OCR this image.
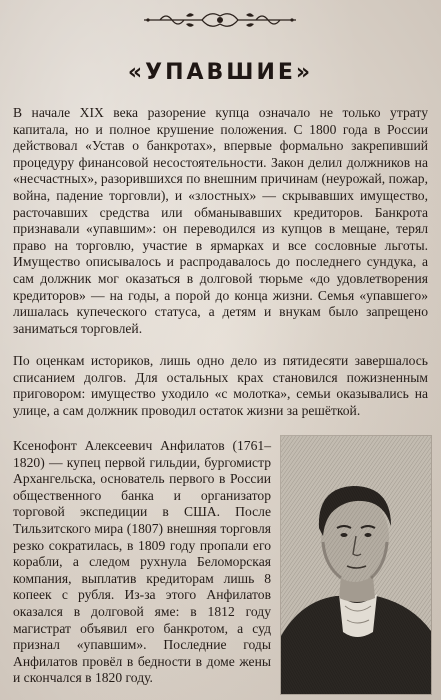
«УПАВШИЕ»

В начале XIX века разорение купца означало не только утрату капитала, но и полное крушение положения. С 1800 года в России действовал «Устав о банкротах», впервые формально закрепивший процедуру финансовой несостоятельности. Закон делил должников на «несчастных», разорившихся по внешним причинам (неурожай, пожар, война, падение торговли), и «злостных» — скрывавших имущество, расточавших средства или обманывавших кредиторов. Банкрота признавали «упавшим»: он переводился из купцов в мещане, терял право на торговлю, участие в ярмарках и все сословные льготы. Имущество описывалось и распродавалось до последнего сундука, а сам должник мог оказаться в долговой тюрьме «до удовлетворения кредиторов» — на годы, а порой до конца жизни. Семья «упавшего» лишалась купеческого статуса, а детям и внукам было запрещено заниматься торговлей.

По оценкам историков, лишь одно дело из пятидесяти завершалось списанием долгов. Для остальных крах становился пожизненным приговором: имущество уходило «с молотка», семьи оказывались на улице, а сам должник проводил остаток жизни за решёткой.

Ксенофонт Алексеевич Анфилатов (1761–1820) — купец первой гильдии, бургомистр Архангельска, основатель первого в России общественного банка и организатор торговой экспедиции в США. После Тильзитского мира (1807) внешняя торговля резко сократилась, в 1809 году пропали его корабли, а следом рухнула Беломорская компания, выплатив кредиторам лишь 8 копеек с рубля. Из-за этого Анфилатов оказался в долговой яме: в 1812 году магистрат объявил его банкротом, а суд признал «упавшим». Последние годы Анфилатов провёл в бедности в доме жены и скончался в 1820 году.
